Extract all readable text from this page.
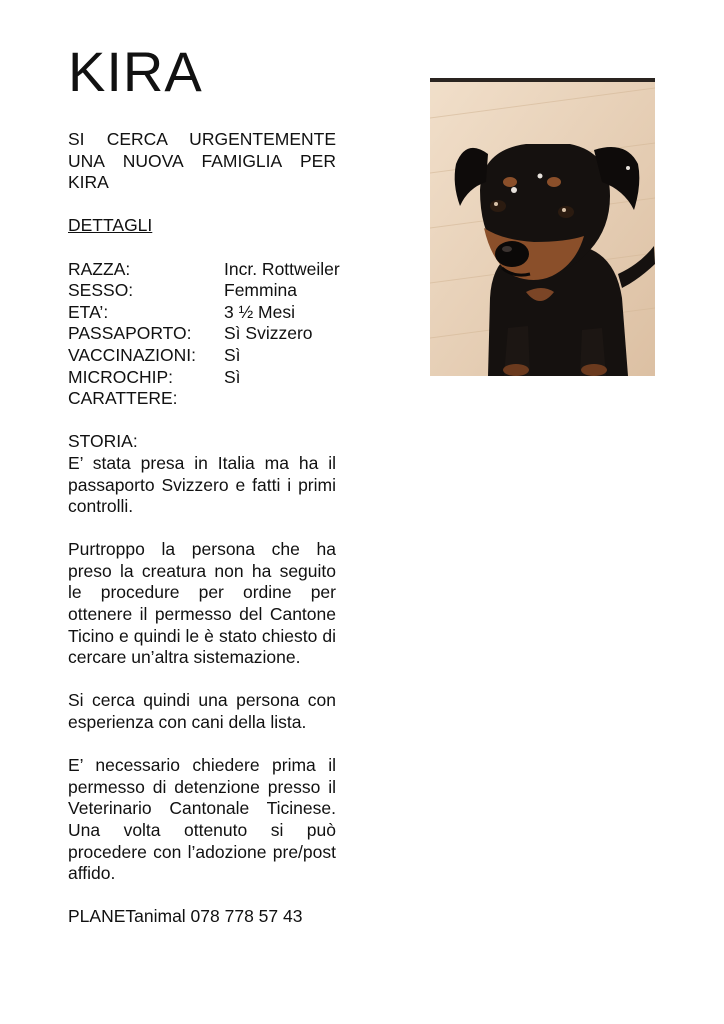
KIRA

SI CERCA URGENTEMENTE UNA NUOVA FAMIGLIA PER KIRA

DETTAGLI

RAZZA:	Incr. Rottweiler
SESSO:	Femmina
ETA’:	3 ½ Mesi
PASSAPORTO:	Sì Svizzero
VACCINAZIONI:	Sì
MICROCHIP:	Sì
CARATTERE:

STORIA:

E’ stata presa in Italia ma ha il passaporto Svizzero e fatti i primi controlli.

Purtroppo la persona che ha preso la creatura non ha seguito le procedure per ordine per ottenere il permesso del Cantone Ticino e quindi le è stato chiesto di cercare un’altra sistemazione.

Si cerca quindi una persona con esperienza con cani della lista.

E’ necessario chiedere prima il permesso di detenzione presso il Veterinario Cantonale Ticinese. Una volta ottenuto si può procedere con l’adozione pre/post affido.

PLANETanimal 078 778 57 43
